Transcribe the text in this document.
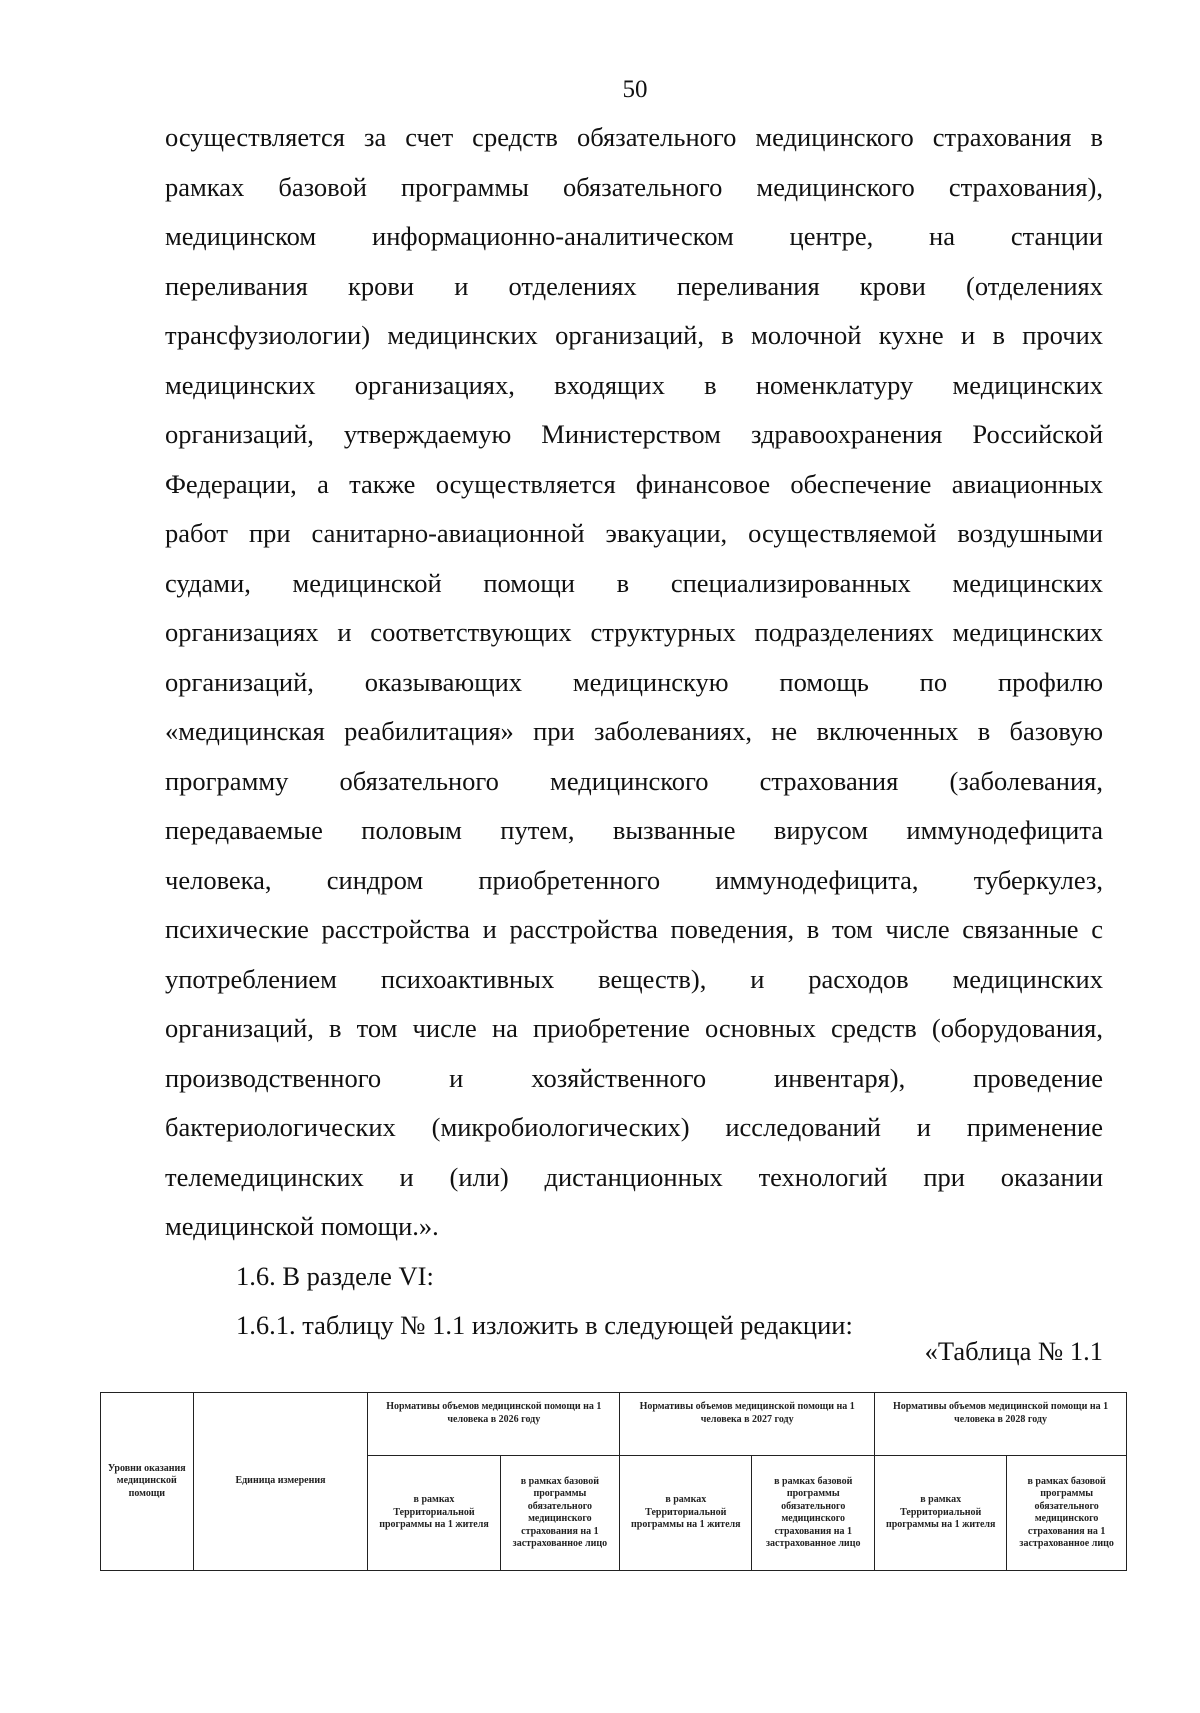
50
осуществляется за счет средств обязательного медицинского страхования в
рамках базовой программы обязательного медицинского страхования),
медицинском информационно-аналитическом центре, на станции
переливания крови и отделениях переливания крови (отделениях
трансфузиологии) медицинских организаций, в молочной кухне и в прочих
медицинских организациях, входящих в номенклатуру медицинских
организаций, утверждаемую Министерством здравоохранения Российской
Федерации, а также осуществляется финансовое обеспечение авиационных
работ при санитарно-авиационной эвакуации, осуществляемой воздушными
судами, медицинской помощи в специализированных медицинских
организациях и соответствующих структурных подразделениях медицинских
организаций, оказывающих медицинскую помощь по профилю
«медицинская реабилитация» при заболеваниях, не включенных в базовую
программу обязательного медицинского страхования (заболевания,
передаваемые половым путем, вызванные вирусом иммунодефицита
человека, синдром приобретенного иммунодефицита, туберкулез,
психические расстройства и расстройства поведения, в том числе связанные с
употреблением психоактивных веществ), и расходов медицинских
организаций, в том числе на приобретение основных средств (оборудования,
производственного и хозяйственного инвентаря), проведение
бактериологических (микробиологических) исследований и применение
телемедицинских и (или) дистанционных технологий при оказании
медицинской помощи.».
1.6. В разделе VI:
1.6.1. таблицу № 1.1 изложить в следующей редакции:
«Таблица № 1.1
Уровни оказания медицинской помощи	Единица измерения	Нормативы объемов медицинской помощи на 1 человека в 2026 году		Нормативы объемов медицинской помощи на 1 человека в 2027 году		Нормативы объемов медицинской помощи на 1 человека в 2028 году	
		в рамках Территориальной программы на 1 жителя	в рамках базовой программы обязательного медицинского страхования на 1 застрахованное лицо	в рамках Территориальной программы на 1 жителя	в рамках базовой программы обязательного медицинского страхования на 1 застрахованное лицо	в рамках Территориальной программы на 1 жителя	в рамках базовой программы обязательного медицинского страхования на 1 застрахованное лицо
